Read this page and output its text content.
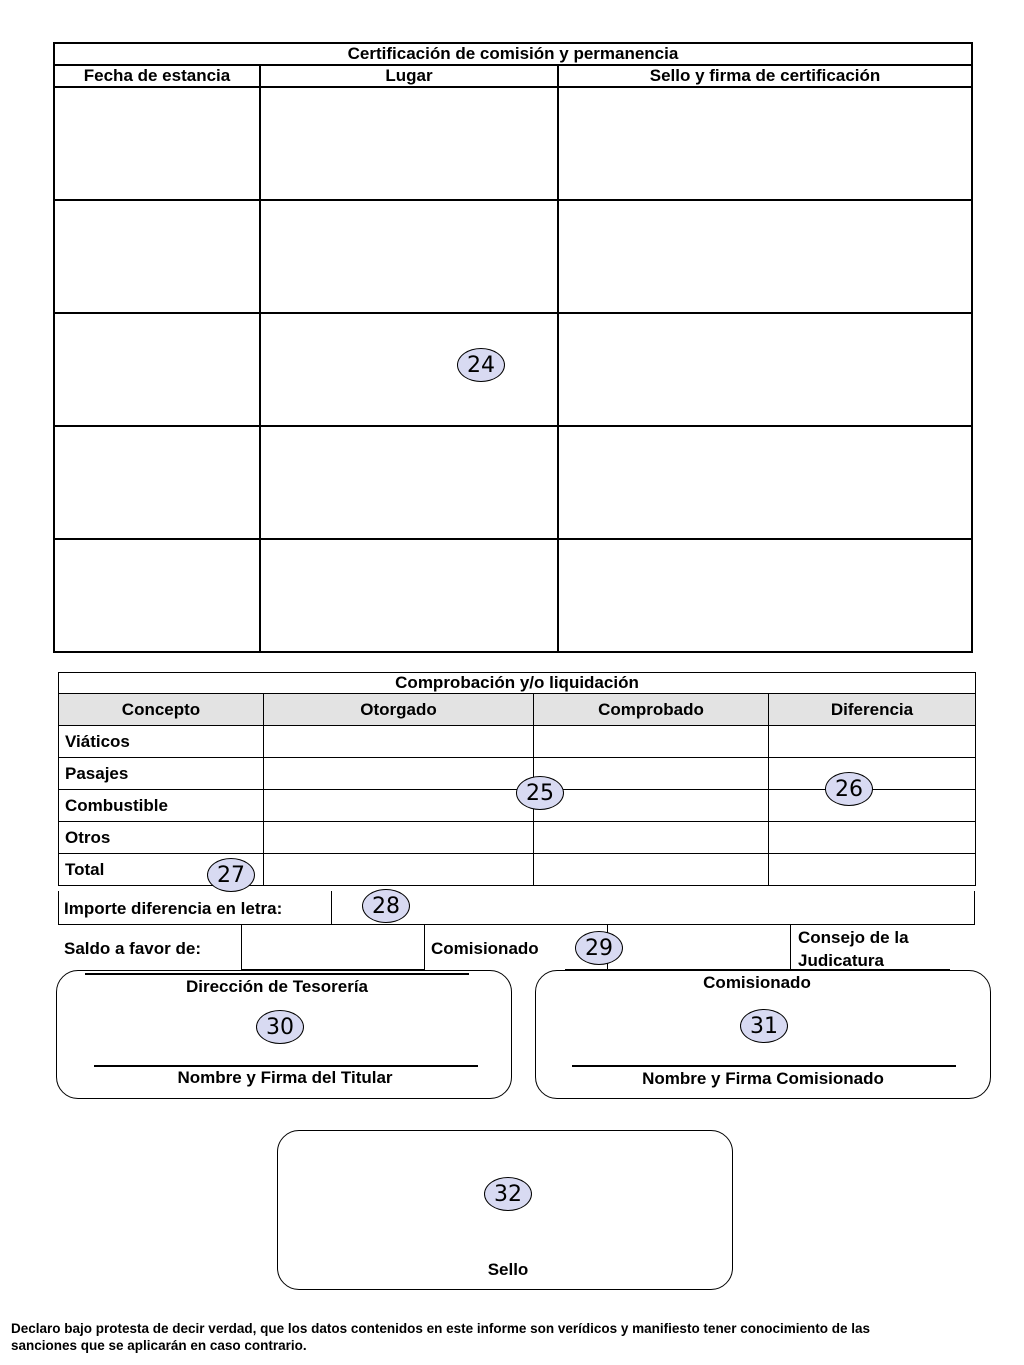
Certificación de comisión y permanencia		
Fecha de estancia	Lugar	Sello y firma de certificación

24
Comprobación y/o liquidación			
Concepto	Otorgado	Comprobado	Diferencia
Viáticos			
Pasajes			
Combustible			
Otros			
Total			
Importe diferencia en letra:
25	26
27
28
Saldo a favor de:	Comisionado
Consejo de la
Judicatura
29
Dirección de Tesorería
30
Nombre y Firma del Titular
Comisionado
31
Nombre y Firma Comisionado
32
Sello
Declaro bajo protesta de decir verdad, que los datos contenidos en este informe son verídicos y manifiesto tener conocimiento de las
sanciones que se aplicarán en caso contrario.
